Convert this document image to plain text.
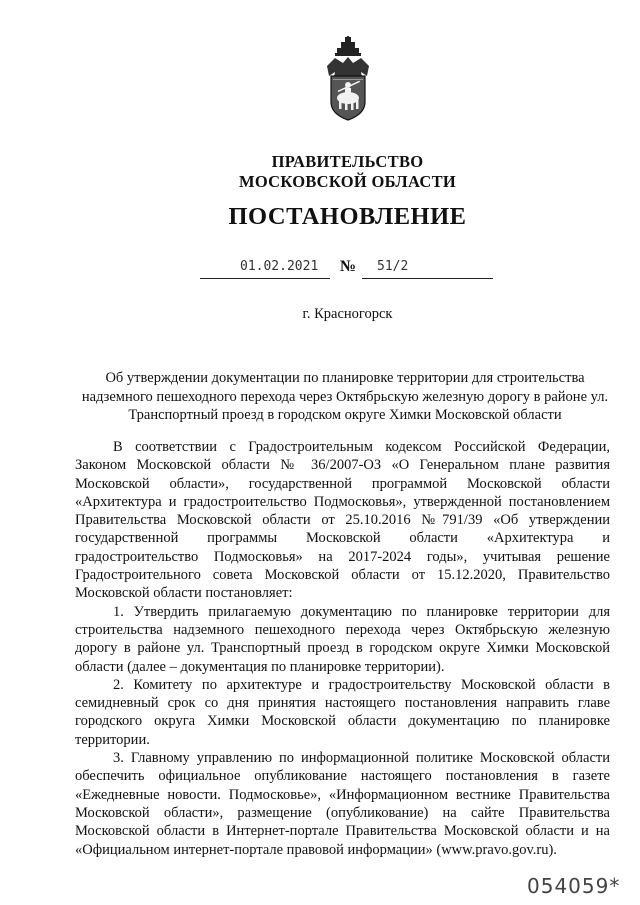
ПРАВИТЕЛЬСТВО
МОСКОВСКОЙ ОБЛАСТИ
ПОСТАНОВЛЕНИЕ
01.02.2021 № 51/2
г. Красногорск
Об утверждении документации по планировке территории для строительства надземного пешеходного перехода через Октябрьскую железную дорогу в районе ул. Транспортный проезд в городском округе Химки Московской области

В соответствии с Градостроительным кодексом Российской Федерации, Законом Московской области № 36/2007-ОЗ «О Генеральном плане развития Московской области», государственной программой Московской области «Архитектура и градостроительство Подмосковья», утвержденной постановлением Правительства Московской области от 25.10.2016 №791/39 «Об утверждении государственной программы Московской области «Архитектура и градостроительство Подмосковья» на 2017-2024 годы», учитывая решение Градостроительного совета Московской области от 15.12.2020, Правительство Московской области постановляет:

1. Утвердить прилагаемую документацию по планировке территории для строительства надземного пешеходного перехода через Октябрьскую железную дорогу в районе ул. Транспортный проезд в городском округе Химки Московской области (далее – документация по планировке территории).

2. Комитету по архитектуре и градостроительству Московской области в семидневный срок со дня принятия настоящего постановления направить главе городского округа Химки Московской области документацию по планировке территории.

3. Главному управлению по информационной политике Московской области обеспечить официальное опубликование настоящего постановления в газете «Ежедневные новости. Подмосковье», «Информационном вестнике Правительства Московской области», размещение (опубликование) на сайте Правительства Московской области в Интернет-портале Правительства Московской области и на «Официальном интернет-портале правовой информации» (www.pravo.gov.ru).

054059*
